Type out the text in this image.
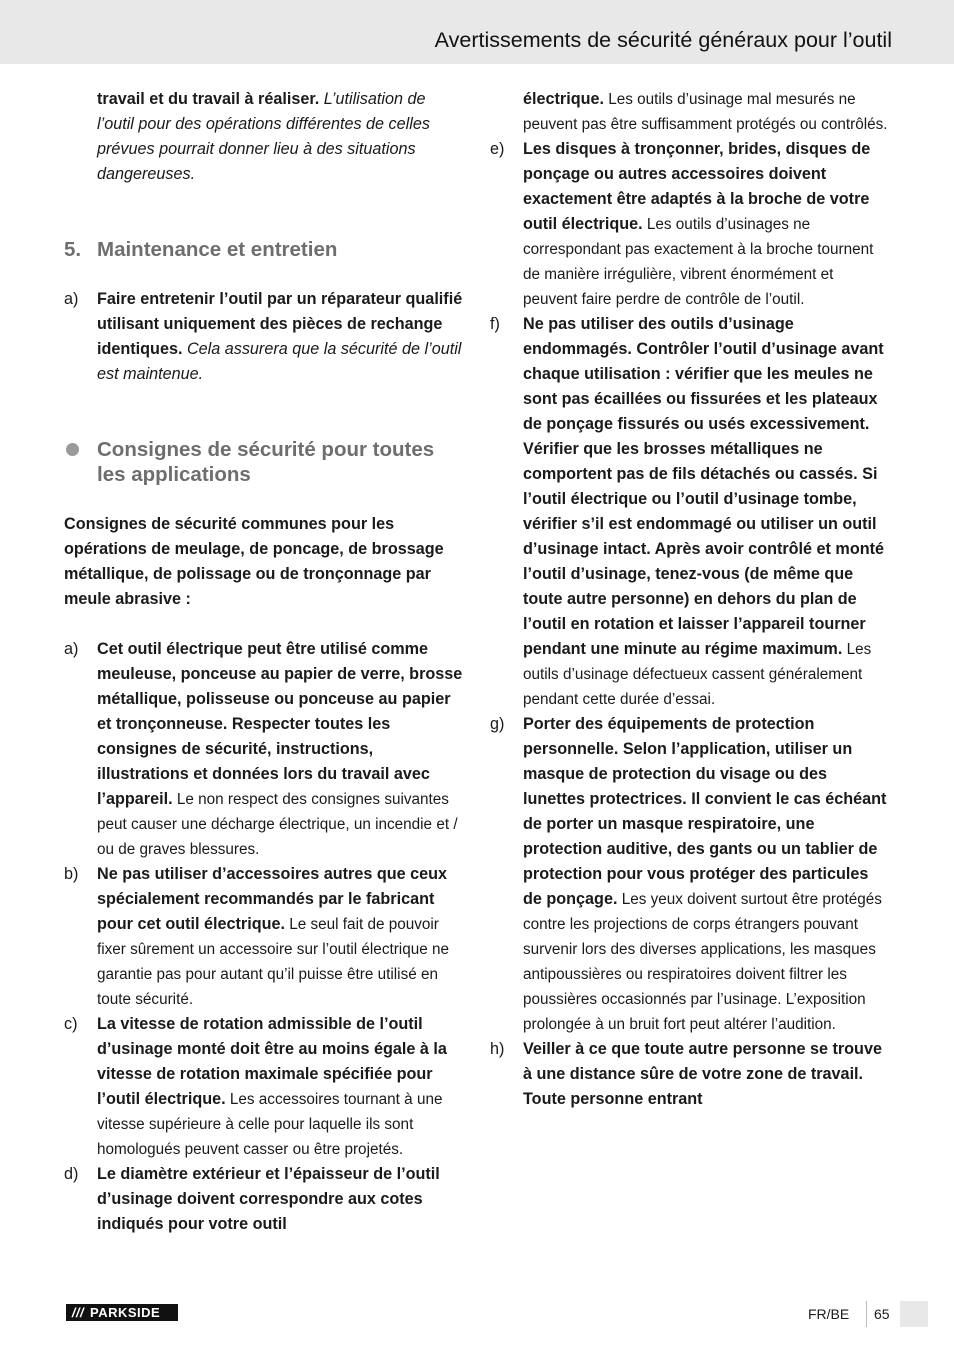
Avertissements de sécurité généraux pour l’outil
travail et du travail à réaliser. L’utilisation de l’outil pour des opérations différentes de celles prévues pourrait donner lieu à des situations dangereuses.
5. Maintenance et entretien
a) Faire entretenir l’outil par un réparateur qualifié utilisant uniquement des pièces de rechange identiques. Cela assurera que la sécurité de l’outil est maintenue.
Consignes de sécurité pour toutes les applications
Consignes de sécurité communes pour les opérations de meulage, de poncage, de brossage métallique, de polissage ou de tronçonnage par meule abrasive :
a) Cet outil électrique peut être utilisé comme meuleuse, ponceuse au papier de verre, brosse métallique, polisseuse ou ponceuse au papier et tronçonneuse. Respecter toutes les consignes de sécurité, instructions, illustrations et données lors du travail avec l’appareil. Le non respect des consignes suivantes peut causer une décharge électrique, un incendie et / ou de graves blessures.
b) Ne pas utiliser d’accessoires autres que ceux spécialement recommandés par le fabricant pour cet outil électrique. Le seul fait de pouvoir fixer sûrement un accessoire sur l’outil électrique ne garantie pas pour autant qu’il puisse être utilisé en toute sécurité.
c) La vitesse de rotation admissible de l’outil d’usinage monté doit être au moins égale à la vitesse de rotation maximale spécifiée pour l’outil électrique. Les accessoires tournant à une vitesse supérieure à celle pour laquelle ils sont homologués peuvent casser ou être projetés.
d) Le diamètre extérieur et l’épaisseur de l’outil d’usinage doivent correspondre aux cotes indiqués pour votre outil
électrique. Les outils d’usinage mal mesurés ne peuvent pas être suffisamment protégés ou contrôlés.
e) Les disques à tronçonner, brides, disques de ponçage ou autres accessoires doivent exactement être adaptés à la broche de votre outil électrique. Les outils d’usinages ne correspondant pas exactement à la broche tournent de manière irrégulière, vibrent énormément et peuvent faire perdre de contrôle de l’outil.
f) Ne pas utiliser des outils d’usinage endommagés. Contrôler l’outil d’usinage avant chaque utilisation : vérifier que les meules ne sont pas écaillées ou fissurées et les plateaux de ponçage fissurés ou usés excessivement. Vérifier que les brosses métalliques ne comportent pas de fils détachés ou cassés. Si l’outil électrique ou l’outil d’usinage tombe, vérifier s’il est endommagé ou utiliser un outil d’usinage intact. Après avoir contrôlé et monté l’outil d’usinage, tenez-vous (de même que toute autre personne) en dehors du plan de l’outil en rotation et laisser l’appareil tourner pendant une minute au régime maximum. Les outils d’usinage défectueux cassent généralement pendant cette durée d’essai.
g) Porter des équipements de protection personnelle. Selon l’application, utiliser un masque de protection du visage ou des lunettes protectrices. Il convient le cas échéant de porter un masque respiratoire, une protection auditive, des gants ou un tablier de protection pour vous protéger des particules de ponçage. Les yeux doivent surtout être protégés contre les projections de corps étrangers pouvant survenir lors des diverses applications, les masques antipoussières ou respiratoires doivent filtrer les poussières occasionnés par l’usinage. L’exposition prolongée à un bruit fort peut altérer l’audition.
h) Veiller à ce que toute autre personne se trouve à une distance sûre de votre zone de travail. Toute personne entrant
/// PARKSIDE	FR/BE 65
